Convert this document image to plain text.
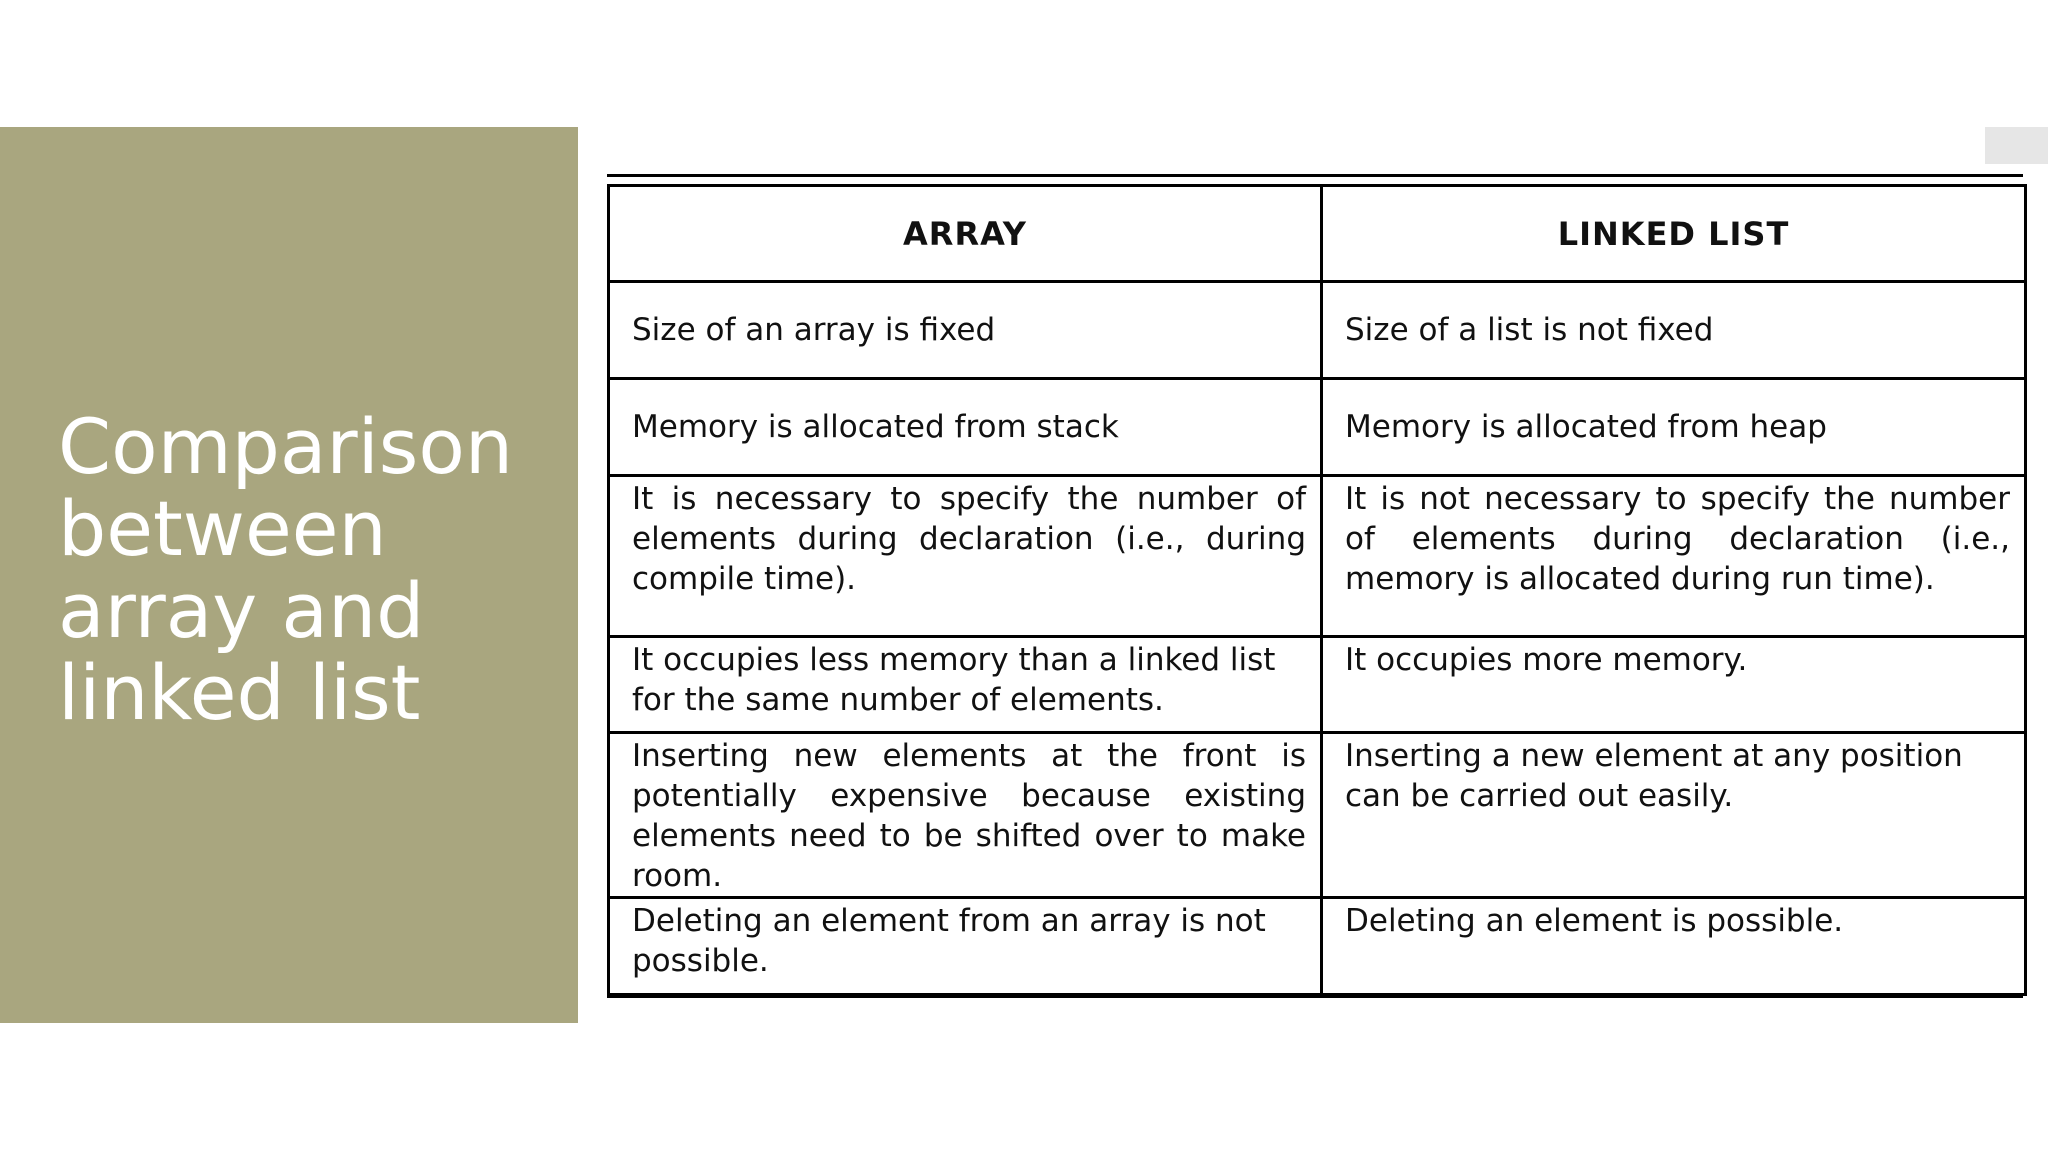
Comparison
between
array and
linked list
ARRAY	LINKED LIST
Size of an array is fixed	Size of a list is not fixed
Memory is allocated from stack	Memory is allocated from heap
It is necessary to specify the number of elements during declaration (i.e., during compile time).	It is not necessary to specify the number of elements during declaration (i.e., memory is allocated during run time).
It occupies less memory than a linked list for the same number of elements.	It occupies more memory.
Inserting new elements at the front is potentially expensive because existing elements need to be shifted over to make room.	Inserting a new element at any position can be carried out easily.
Deleting an element from an array is not possible.	Deleting an element is possible.
